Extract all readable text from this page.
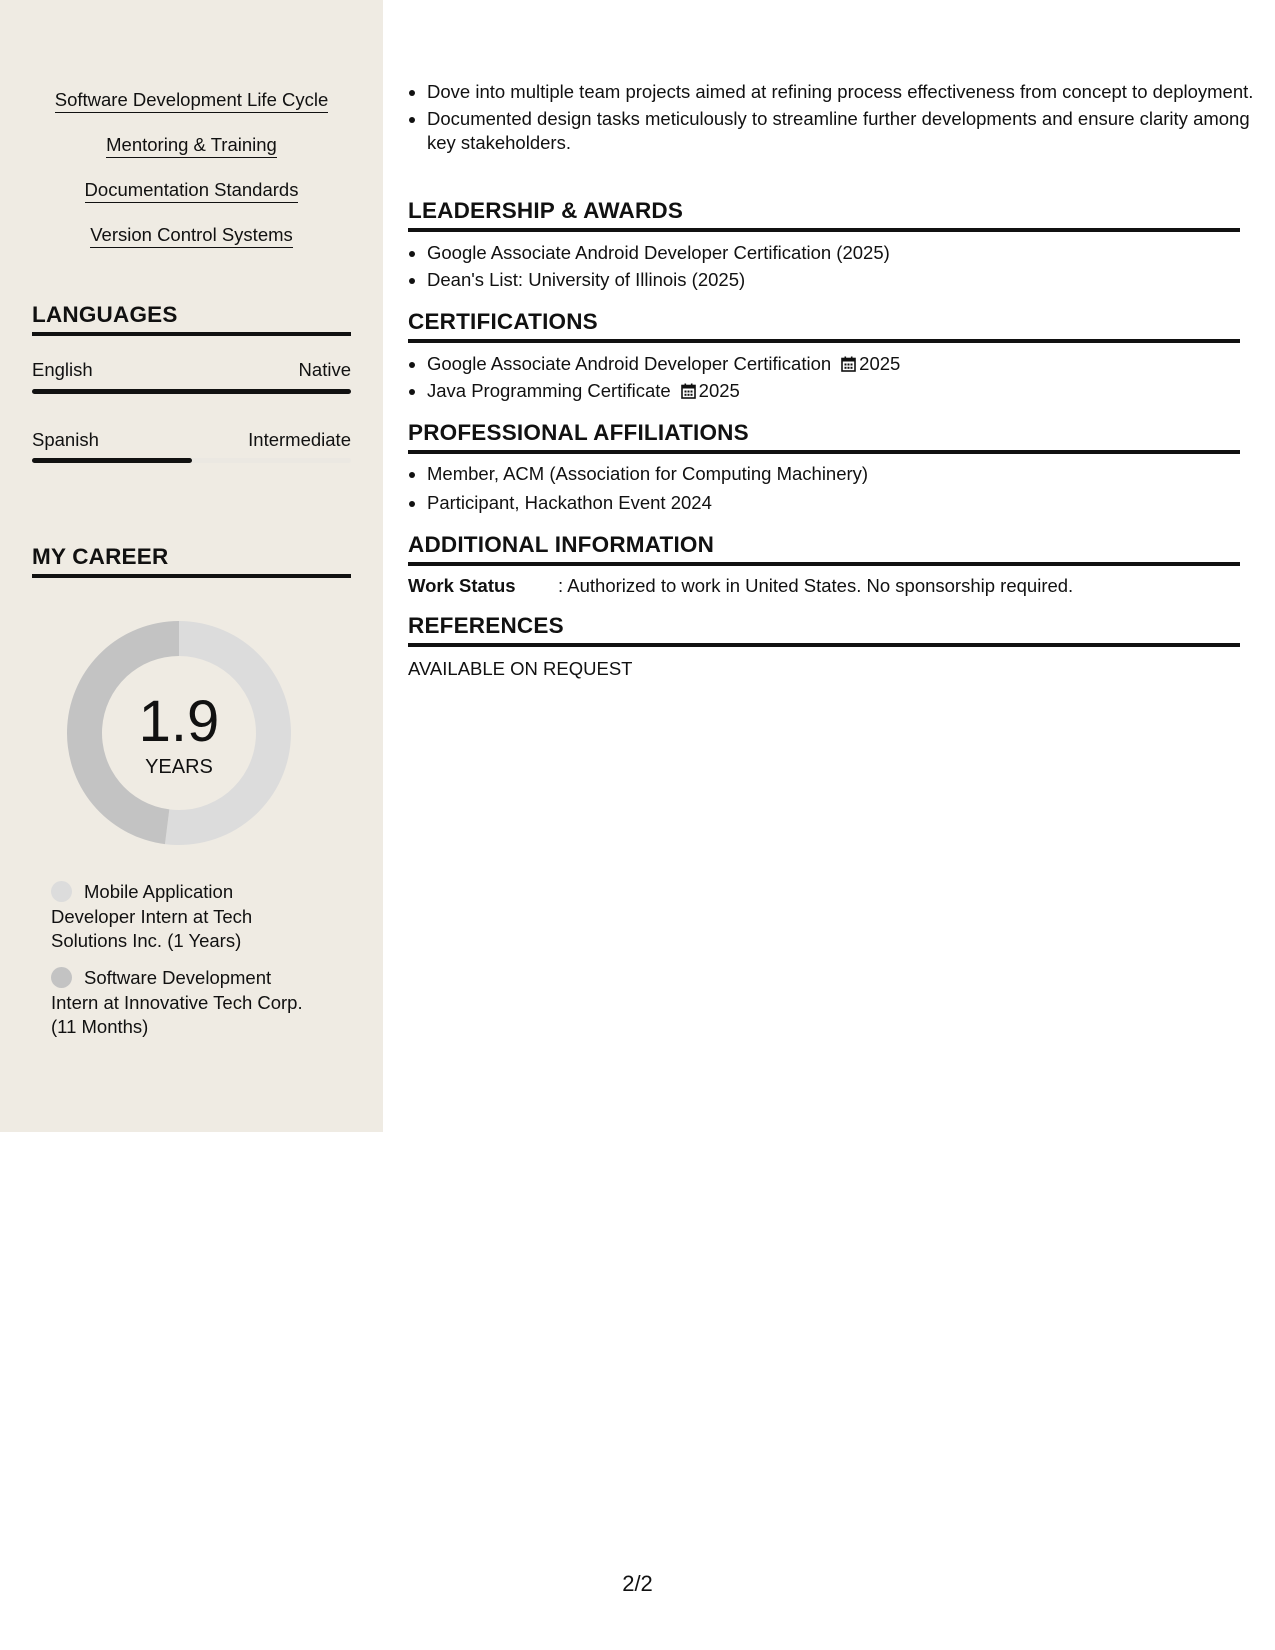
Software Development Life Cycle
Mentoring & Training
Documentation Standards
Version Control Systems
LANGUAGES
English	Native
Spanish	Intermediate
MY CAREER
1.9
YEARS
Mobile Application Developer Intern at Tech Solutions Inc. (1 Years)
Software Development Intern at Innovative Tech Corp. (11 Months)
• Dove into multiple team projects aimed at refining process effectiveness from concept to deployment.
• Documented design tasks meticulously to streamline further developments and ensure clarity among key stakeholders.
LEADERSHIP & AWARDS
• Google Associate Android Developer Certification (2025)
• Dean's List: University of Illinois (2025)
CERTIFICATIONS
• Google Associate Android Developer Certification 2025
• Java Programming Certificate 2025
PROFESSIONAL AFFILIATIONS
• Member, ACM (Association for Computing Machinery)
• Participant, Hackathon Event 2024
ADDITIONAL INFORMATION
Work Status : Authorized to work in United States. No sponsorship required.
REFERENCES
AVAILABLE ON REQUEST
2/2
